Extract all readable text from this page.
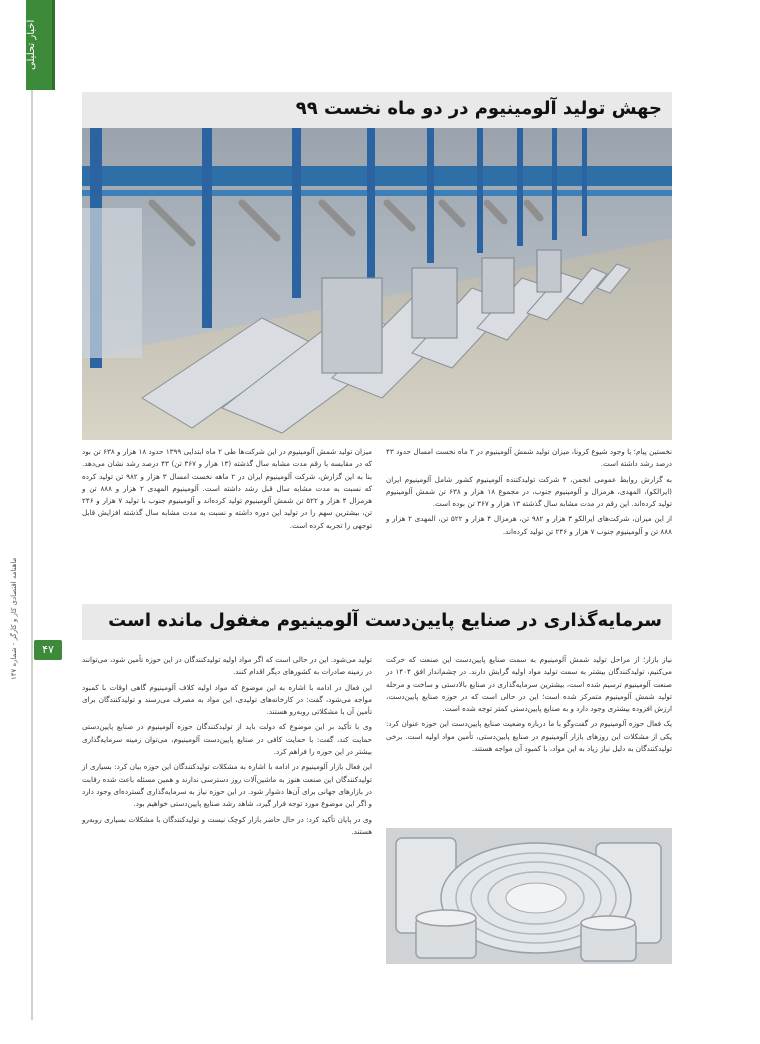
اخبار تحلیلی
ماهنامه اقتصادی کار و کارگر - شماره ۱۴۷	۴۷
جهش تولید آلومینیوم در دو ماه نخست ۹۹

نخستین پیام؛ با وجود شیوع کرونا، میزان تولید شمش آلومینیوم در ۲ ماه نخست امسال حدود ۴۳ درصد رشد داشته است.

به گزارش روابط عمومی انجمن، ۴ شرکت تولیدکننده آلومینیوم کشور شامل آلومینیوم ایران (ایرالکو)، المهدی، هرمزال و آلومینیوم جنوب، در مجموع ۱۸ هزار و ۶۳۸ تن شمش آلومینیوم تولید کرده‌اند. این رقم در مدت مشابه سال گذشته ۱۳ هزار و ۳۶۷ تن بوده است.

از این میزان، شرکت‌های ایرالکو ۳ هزار و ۹۸۲ تن، هرمزال ۴ هزار و ۵۲۲ تن، المهدی ۲ هزار و ۸۸۸ تن و آلومینیوم جنوب ۷ هزار و ۲۴۶ تن تولید کرده‌اند.

میزان تولید شمش آلومینیوم در این شرکت‌ها طی ۲ ماه ابتدایی ۱۳۹۹ حدود ۱۸ هزار و ۶۳۸ تن بود که در مقایسه با رقم مدت مشابه سال گذشته (۱۳ هزار و ۳۶۷ تن) ۴۳ درصد رشد نشان می‌دهد. بنا به این گزارش، شرکت آلومینیوم ایران در ۲ ماهه نخست امسال ۳ هزار و ۹۸۲ تن تولید کرده که نسبت به مدت مشابه سال قبل رشد داشته است. آلومینیوم المهدی ۲ هزار و ۸۸۸ تن و هرمزال ۴ هزار و ۵۲۲ تن شمش آلومینیوم تولید کرده‌اند و آلومینیوم جنوب با تولید ۷ هزار و ۲۴۶ تن، بیشترین سهم را در تولید این دوره داشته و نسبت به مدت مشابه سال گذشته افزایش قابل توجهی را تجربه کرده است.

سرمایه‌گذاری در صنایع پایین‌دست آلومینیوم مغفول مانده است

نیاز بازار؛ از مراحل تولید شمش آلومینیوم به سمت صنایع پایین‌دست این صنعت که حرکت می‌کنیم، تولیدکنندگان بیشتر به سمت تولید مواد اولیه گرایش دارند. در چشم‌انداز افق ۱۴۰۴ در صنعت آلومینیوم ترسیم شده است، بیشترین سرمایه‌گذاری در صنایع بالادستی و ساخت و مرحله تولید شمش آلومینیوم متمرکز شده است؛ این در حالی است که در حوزه صنایع پایین‌دست، ارزش افزوده بیشتری وجود دارد و به صنایع پایین‌دستی کمتر توجه شده است.

یک فعال حوزه آلومینیوم در گفت‌وگو با ما درباره وضعیت صنایع پایین‌دست این حوزه عنوان کرد: یکی از مشکلات این روزهای بازار آلومینیوم در صنایع پایین‌دستی، تأمین مواد اولیه است. برخی تولیدکنندگان به دلیل نیاز زیاد به این مواد، با کمبود آن مواجه هستند.

تولید می‌شود. این در حالی است که اگر مواد اولیه تولیدکنندگان در این حوزه تأمین شود، می‌توانند در زمینه صادرات به کشورهای دیگر اقدام کنند.

این فعال در ادامه با اشاره به این موضوع که مواد اولیه کلاف آلومینیوم گاهی اوقات با کمبود مواجه می‌شود، گفت: در کارخانه‌های تولیدی، این مواد به مصرف می‌رسند و تولیدکنندگان برای تأمین آن با مشکلاتی روبه‌رو هستند.

وی با تأکید بر این موضوع که دولت باید از تولیدکنندگان حوزه آلومینیوم در صنایع پایین‌دستی حمایت کند، گفت: با حمایت کافی در صنایع پایین‌دست آلومینیوم، می‌توان زمینه سرمایه‌گذاری بیشتر در این حوزه را فراهم کرد.

این فعال بازار آلومینیوم در ادامه با اشاره به مشکلات تولیدکنندگان این حوزه بیان کرد: بسیاری از تولیدکنندگان این صنعت هنوز به ماشین‌آلات روز دسترسی ندارند و همین مسئله باعث شده رقابت در بازارهای جهانی برای آن‌ها دشوار شود. در این حوزه نیاز به سرمایه‌گذاری گسترده‌ای وجود دارد و اگر این موضوع مورد توجه قرار گیرد، شاهد رشد صنایع پایین‌دستی خواهیم بود.

وی در پایان تأکید کرد: در حال حاضر بازار کوچک نیست و تولیدکنندگان با مشکلات بسیاری روبه‌رو هستند.
